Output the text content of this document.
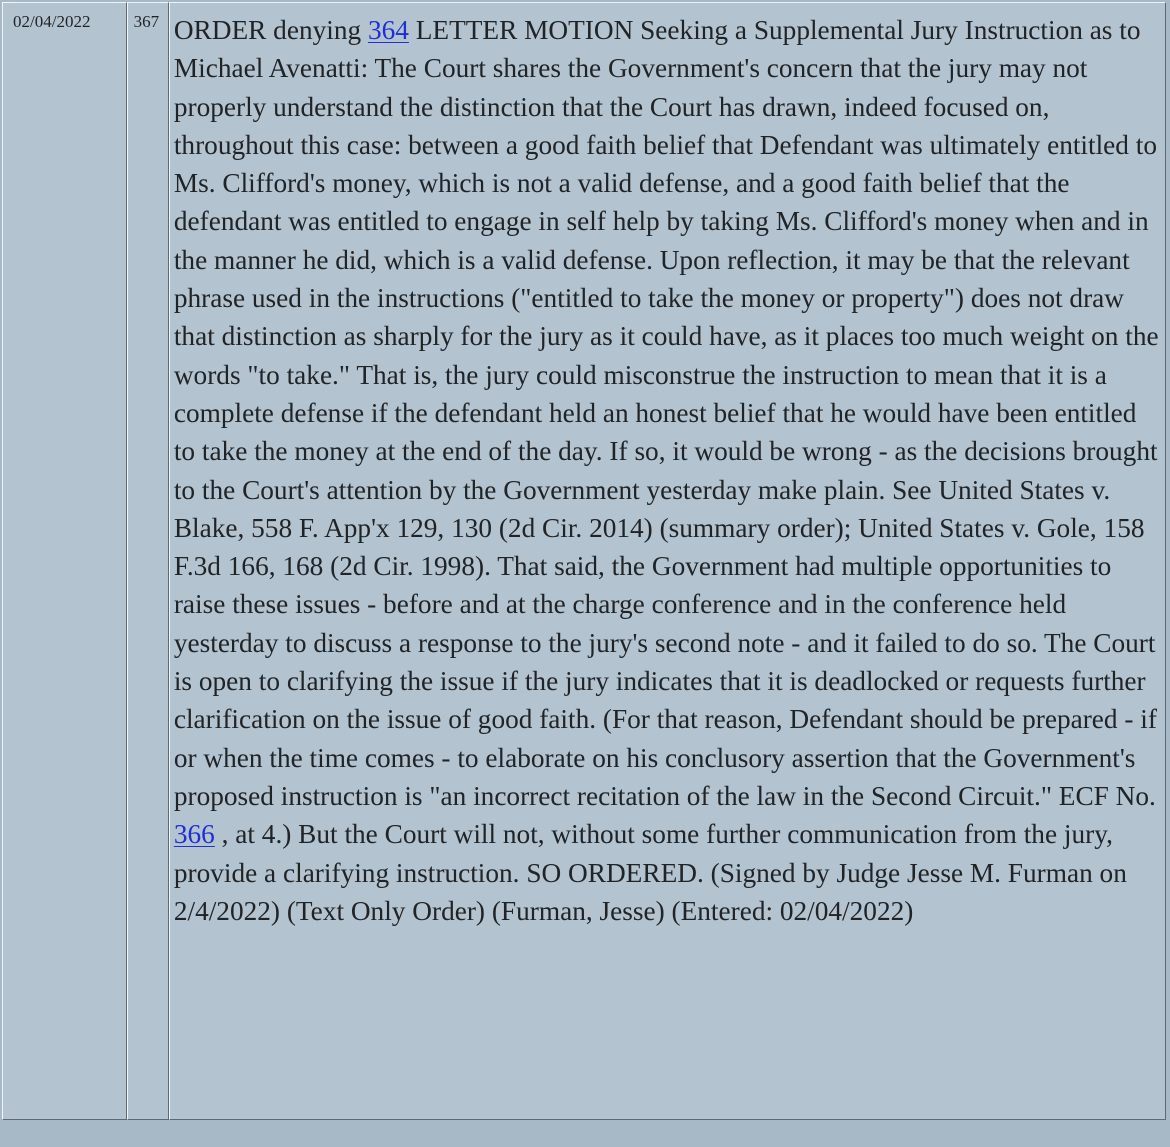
02/04/2022	367	ORDER denying 364 LETTER MOTION Seeking a Supplemental Jury Instruction as to Michael Avenatti: The Court shares the Government's concern that the jury may not properly understand the distinction that the Court has drawn, indeed focused on, throughout this case: between a good faith belief that Defendant was ultimately entitled to Ms. Clifford's money, which is not a valid defense, and a good faith belief that the defendant was entitled to engage in self help by taking Ms. Clifford's money when and in the manner he did, which is a valid defense. Upon reflection, it may be that the relevant phrase used in the instructions ("entitled to take the money or property") does not draw that distinction as sharply for the jury as it could have, as it places too much weight on the words "to take." That is, the jury could misconstrue the instruction to mean that it is a complete defense if the defendant held an honest belief that he would have been entitled to take the money at the end of the day. If so, it would be wrong - as the decisions brought to the Court's attention by the Government yesterday make plain. See United States v. Blake, 558 F. App'x 129, 130 (2d Cir. 2014) (summary order); United States v. Gole, 158 F.3d 166, 168 (2d Cir. 1998). That said, the Government had multiple opportunities to raise these issues - before and at the charge conference and in the conference held yesterday to discuss a response to the jury's second note - and it failed to do so. The Court is open to clarifying the issue if the jury indicates that it is deadlocked or requests further clarification on the issue of good faith. (For that reason, Defendant should be prepared - if or when the time comes - to elaborate on his conclusory assertion that the Government's proposed instruction is "an incorrect recitation of the law in the Second Circuit." ECF No. 366 , at 4.) But the Court will not, without some further communication from the jury, provide a clarifying instruction. SO ORDERED. (Signed by Judge Jesse M. Furman on 2/4/2022) (Text Only Order) (Furman, Jesse) (Entered: 02/04/2022)
